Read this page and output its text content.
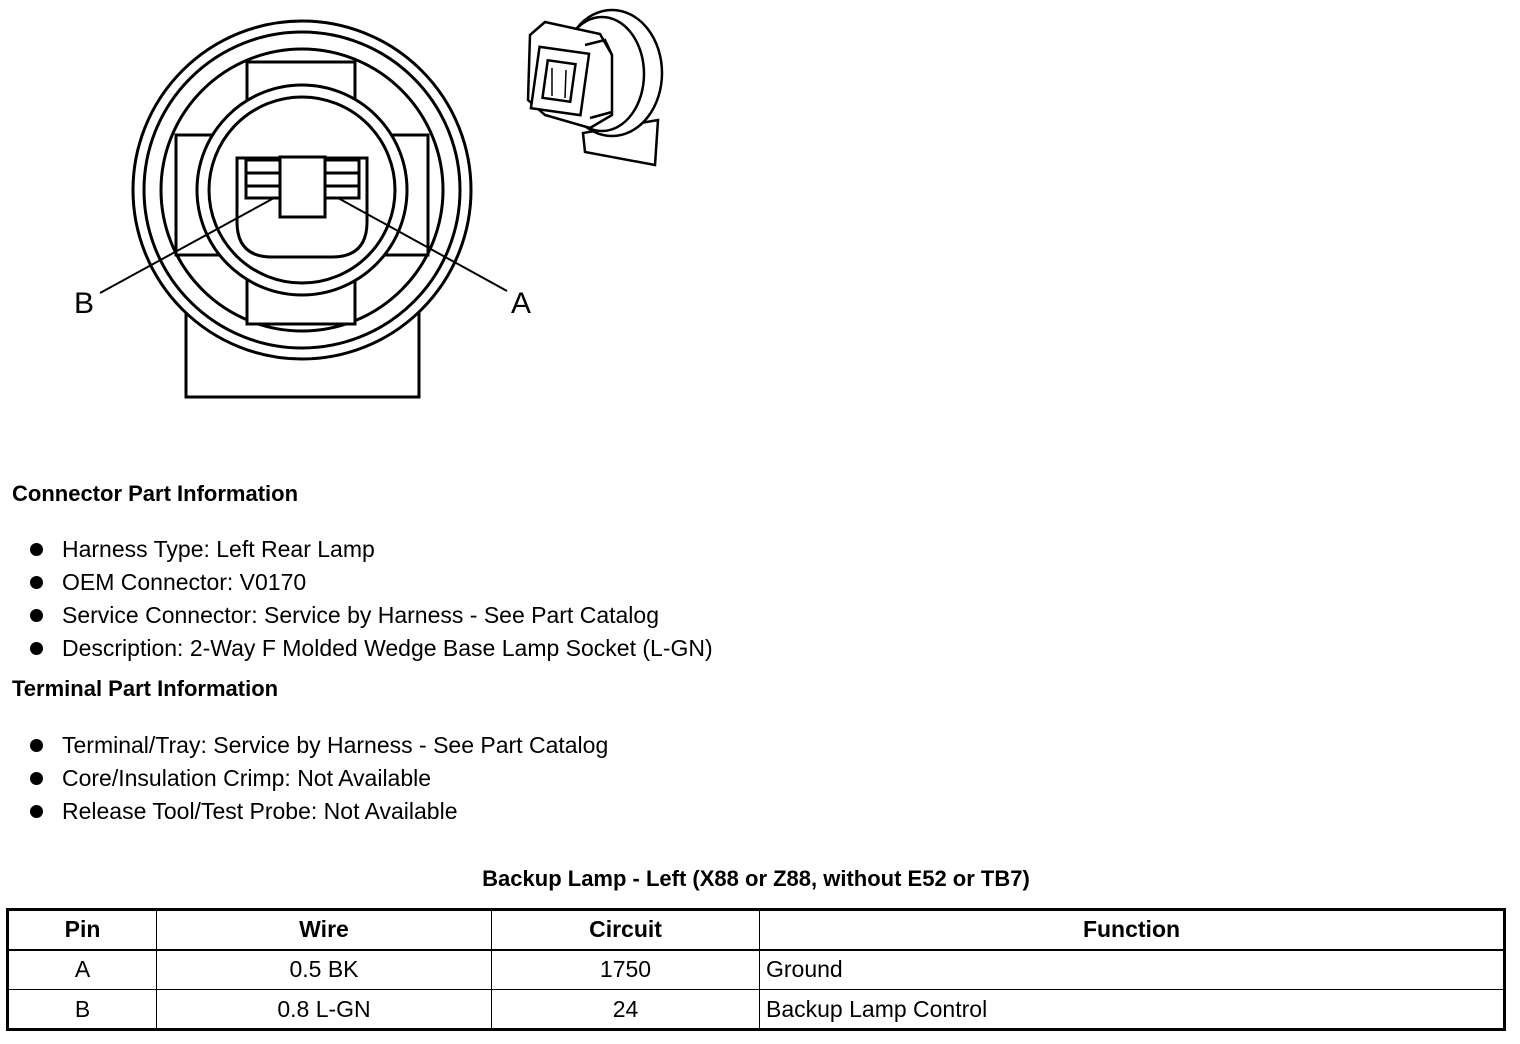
B	A
Connector Part Information
Harness Type: Left Rear Lamp
OEM Connector: V0170
Service Connector: Service by Harness - See Part Catalog
Description: 2-Way F Molded Wedge Base Lamp Socket (L-GN)
Terminal Part Information
Terminal/Tray: Service by Harness - See Part Catalog
Core/Insulation Crimp: Not Available
Release Tool/Test Probe: Not Available

Backup Lamp - Left (X88 or Z88, without E52 or TB7)

Pin	Wire	Circuit	Function
A	0.5 BK	1750	Ground
B	0.8 L-GN	24	Backup Lamp Control
